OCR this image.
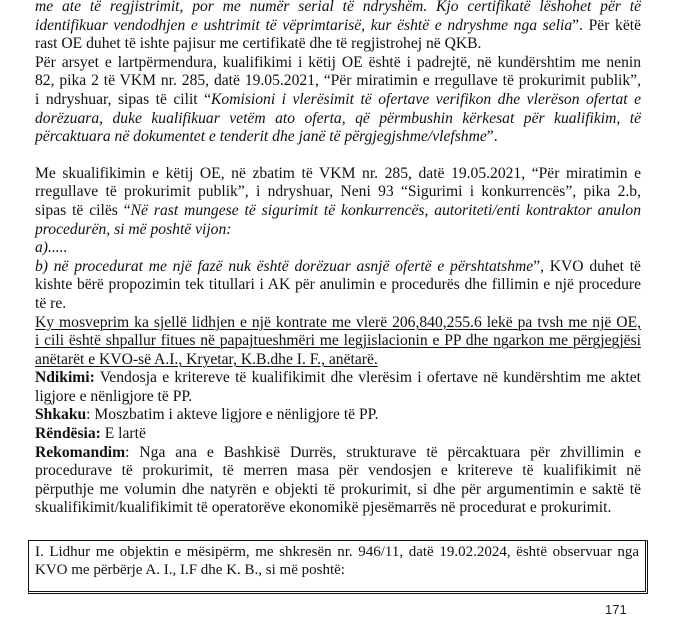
me ate të regjistrimit, por me numër serial të ndryshëm. Kjo certifikatë lëshohet për të
identifikuar vendodhjen e ushtrimit të vëprimtarisë, kur është e ndryshme nga selia”. Për këtë
rast OE duhet të ishte pajisur me certifikatë dhe të regjistrohej në QKB.
Për arsyet e lartpërmendura, kualifikimi i këtij OE është i padrejtë, në kundërshtim me nenin
82, pika 2 të VKM nr. 285, datë 19.05.2021, “Për miratimin e rregullave të prokurimit publik”,
i ndryshuar, sipas të cilit “Komisioni i vlerësimit të ofertave verifikon dhe vlerëson ofertat e
dorëzuara, duke kualifikuar vetëm ato oferta, që përmbushin kërkesat për kualifikim, të
përcaktuara në dokumentet e tenderit dhe janë të përgjegjshme/vlefshme”.
Me skualifikimin e këtij OE, në zbatim të VKM nr. 285, datë 19.05.2021, “Për miratimin e
rregullave të prokurimit publik”, i ndryshuar, Neni 93 “Sigurimi i konkurrencës”, pika 2.b,
sipas të cilës “Në rast mungese të sigurimit të konkurrencës, autoriteti/enti kontraktor anulon
procedurën, si më poshtë vijon:
a).....
b) në procedurat me një fazë nuk është dorëzuar asnjë ofertë e përshtatshme”, KVO duhet të
kishte bërë propozimin tek titullari i AK për anulimin e procedurës dhe fillimin e një procedure
të re.
Ky mosveprim ka sjellë lidhjen e një kontrate me vlerë 206,840,255.6 lekë pa tvsh me një OE,
i cili është shpallur fitues në papajtueshmëri me legjislacionin e PP dhe ngarkon me përgjegjësi
anëtarët e KVO-së A.I., Kryetar, K.B.dhe I. F., anëtarë.
Ndikimi: Vendosja e kritereve të kualifikimit dhe vlerësim i ofertave në kundërshtim me aktet
ligjore e nënligjore të PP.
Shkaku: Moszbatim i akteve ligjore e nënligjore të PP.
Rëndësia: E lartë
Rekomandim: Nga ana e Bashkisë Durrës, strukturave të përcaktuara për zhvillimin e
procedurave të prokurimit, të merren masa për vendosjen e kritereve të kualifikimit në
përputhje me volumin dhe natyrën e objekti të prokurimit, si dhe për argumentimin e saktë të
skualifikimit/kualifikimit të operatorëve ekonomikë pjesëmarrës në procedurat e prokurimit.
I. Lidhur me objektin e mësipërm, me shkresën nr. 946/11, datë 19.02.2024, është observuar nga
KVO me përbërje A. I., I.F dhe K. B., si më poshtë:
171
